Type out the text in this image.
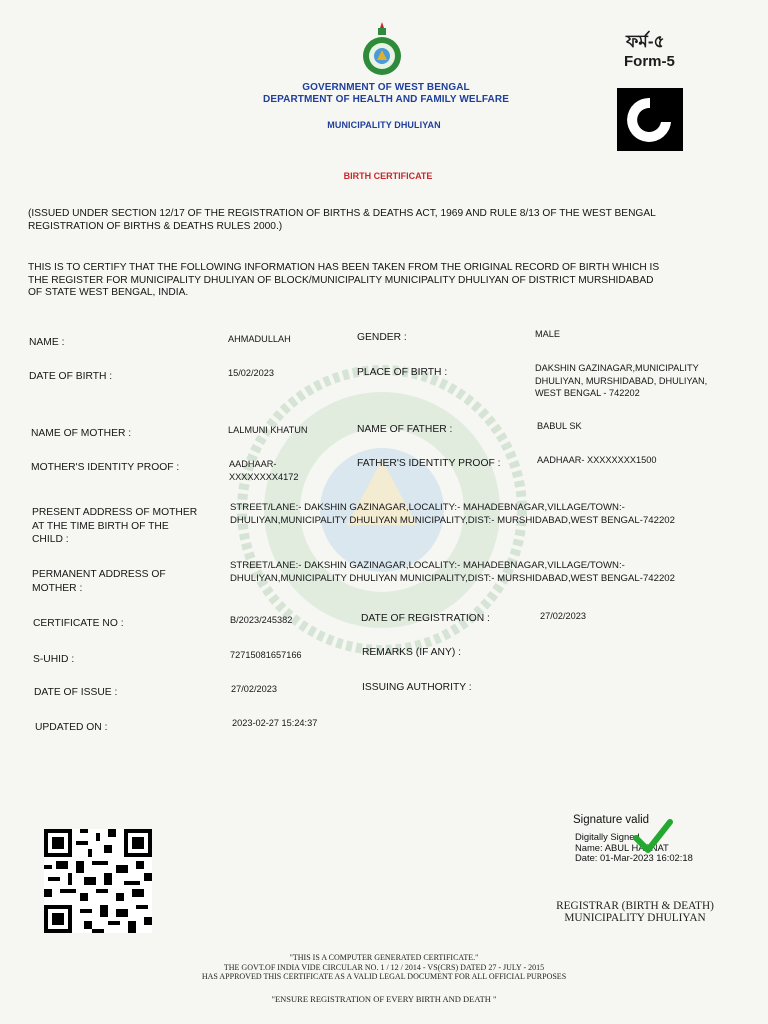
ফর্ম-৫
Form-5
GOVERNMENT OF WEST BENGAL
DEPARTMENT OF HEALTH AND FAMILY WELFARE
MUNICIPALITY DHULIYAN
BIRTH CERTIFICATE
(ISSUED UNDER SECTION 12/17 OF THE REGISTRATION OF BIRTHS & DEATHS ACT, 1969 AND RULE 8/13 OF THE WEST BENGAL
REGISTRATION OF BIRTHS & DEATHS RULES 2000.)
THIS IS TO CERTIFY THAT THE FOLLOWING INFORMATION HAS BEEN TAKEN FROM THE ORIGINAL RECORD OF BIRTH WHICH IS
THE REGISTER FOR MUNICIPALITY DHULIYAN OF BLOCK/MUNICIPALITY MUNICIPALITY DHULIYAN OF DISTRICT MURSHIDABAD
OF STATE WEST BENGAL, INDIA.
NAME :	AHMADULLAH	GENDER :	MALE
DATE OF BIRTH :	15/02/2023	PLACE OF BIRTH :	DAKSHIN GAZINAGAR,MUNICIPALITY
DHULIYAN, MURSHIDABAD, DHULIYAN,
WEST BENGAL - 742202
NAME OF MOTHER :	LALMUNI KHATUN	NAME OF FATHER :	BABUL SK
MOTHER'S IDENTITY PROOF :	AADHAAR-
XXXXXXXX4172
FATHER'S IDENTITY PROOF :	AADHAAR- XXXXXXXX1500
PRESENT ADDRESS OF MOTHER
AT THE TIME BIRTH OF THE
CHILD :
STREET/LANE:- DAKSHIN GAZINAGAR,LOCALITY:- MAHADEBNAGAR,VILLAGE/TOWN:-
DHULIYAN,MUNICIPALITY DHULIYAN MUNICIPALITY,DIST:- MURSHIDABAD,WEST BENGAL-742202
PERMANENT ADDRESS OF
MOTHER :
STREET/LANE:- DAKSHIN GAZINAGAR,LOCALITY:- MAHADEBNAGAR,VILLAGE/TOWN:-
DHULIYAN,MUNICIPALITY DHULIYAN MUNICIPALITY,DIST:- MURSHIDABAD,WEST BENGAL-742202
CERTIFICATE NO :	B/2023/245382	DATE OF REGISTRATION :	27/02/2023
S-UHID :	72715081657166	REMARKS (IF ANY) :
DATE OF ISSUE :	27/02/2023	ISSUING AUTHORITY :
UPDATED ON :	2023-02-27 15:24:37
Signature valid
Digitally Signed
Name: ABUL HASNAT
Date: 01-Mar-2023 16:02:18
REGISTRAR (BIRTH & DEATH)
MUNICIPALITY DHULIYAN
"THIS IS A COMPUTER GENERATED CERTIFICATE."
THE GOVT.OF INDIA VIDE CIRCULAR NO. 1 / 12 / 2014 - VS(CRS) DATED 27 - JULY - 2015
HAS APPROVED THIS CERTIFICATE AS A VALID LEGAL DOCUMENT FOR ALL OFFICIAL PURPOSES
"ENSURE REGISTRATION OF EVERY BIRTH AND DEATH "
